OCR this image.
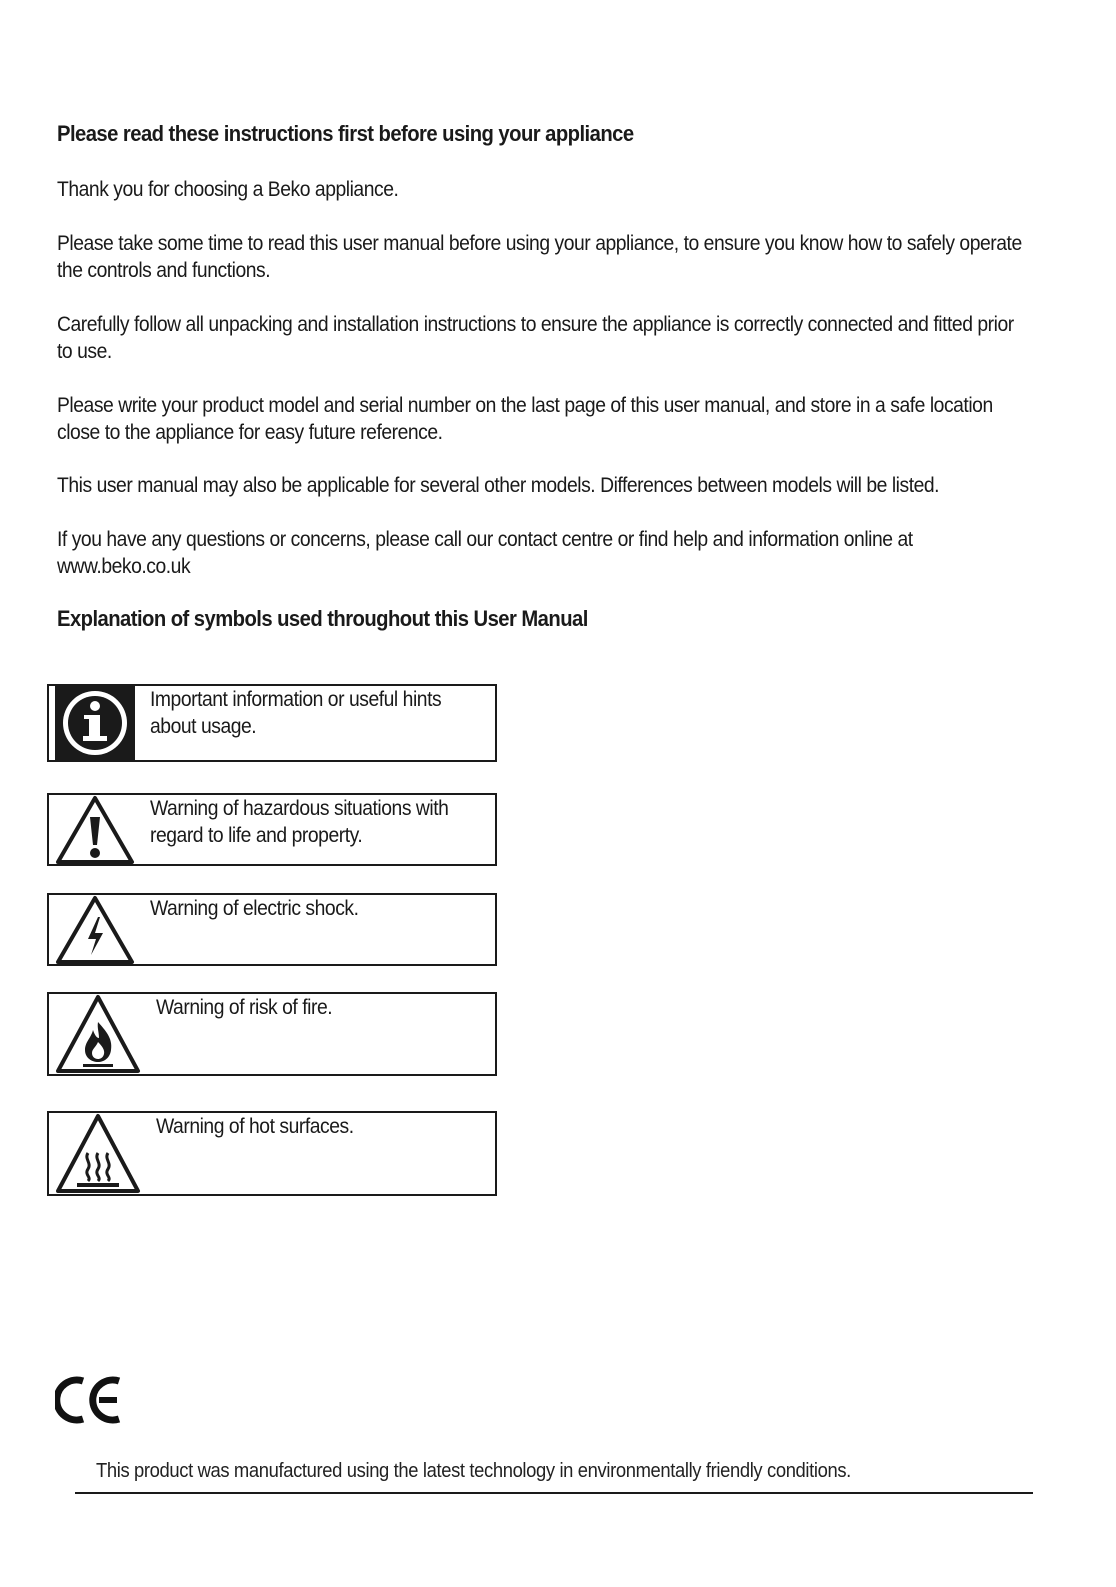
Please read these instructions first before using your appliance
Thank you for choosing a Beko appliance.
Please take some time to read this user manual before using your appliance, to ensure you know how to safely operate the controls and functions.
Carefully follow all unpacking and installation instructions to ensure the appliance is correctly connected and fitted prior to use.
Please write your product model and serial number on the last page of this user manual, and store in a safe location close to the appliance for easy future reference.
This user manual may also be applicable for several other models. Differences between models will be listed.
If you have any questions or concerns, please call our contact centre or find help and information online at www.beko.co.uk
Explanation of symbols used throughout this User Manual
Important information or useful hints about usage.
Warning of hazardous situations with regard to life and property.
Warning of electric shock.
Warning of risk of fire.
Warning of hot surfaces.
This product was manufactured using the latest technology in environmentally friendly conditions.
